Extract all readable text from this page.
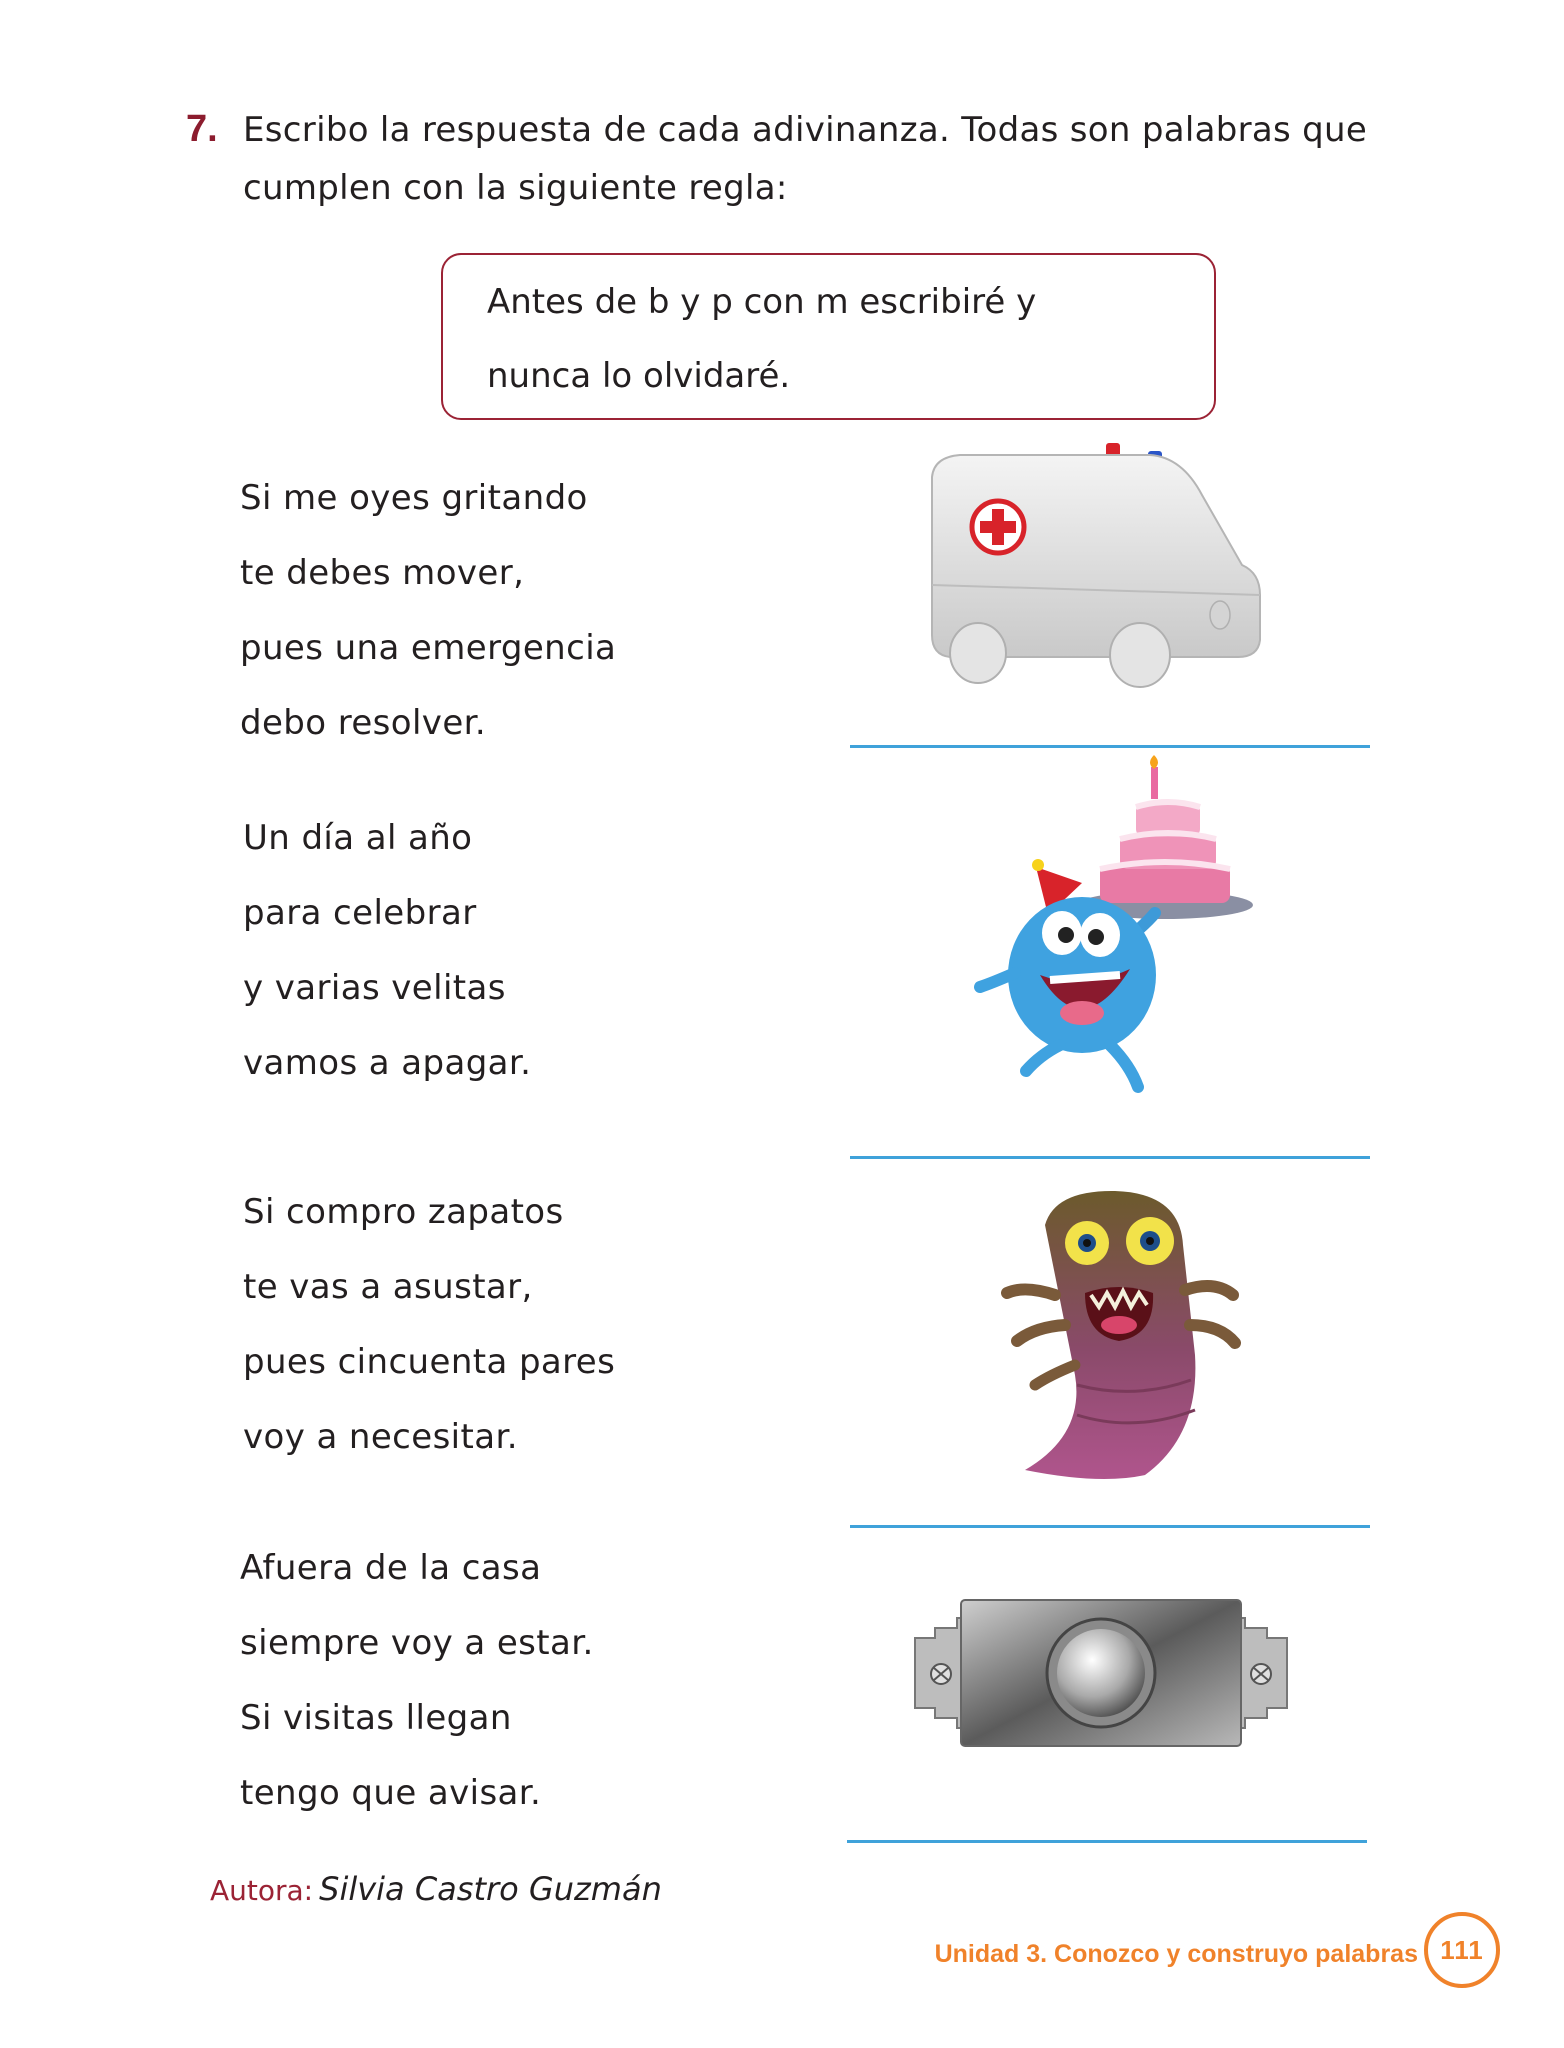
7. Escribo la respuesta de cada adivinanza. Todas son palabras que
cumplen con la siguiente regla:
Antes de b y p con m escribiré y
nunca lo olvidaré.
Si me oyes gritando
te debes mover,
pues una emergencia
debo resolver.
Un día al año
para celebrar
y varias velitas
vamos a apagar.
Si compro zapatos
te vas a asustar,
pues cincuenta pares
voy a necesitar.
Afuera de la casa
siempre voy a estar.
Si visitas llegan
tengo que avisar.
Autora: Silvia Castro Guzmán
Unidad 3. Conozco y construyo palabras 111
